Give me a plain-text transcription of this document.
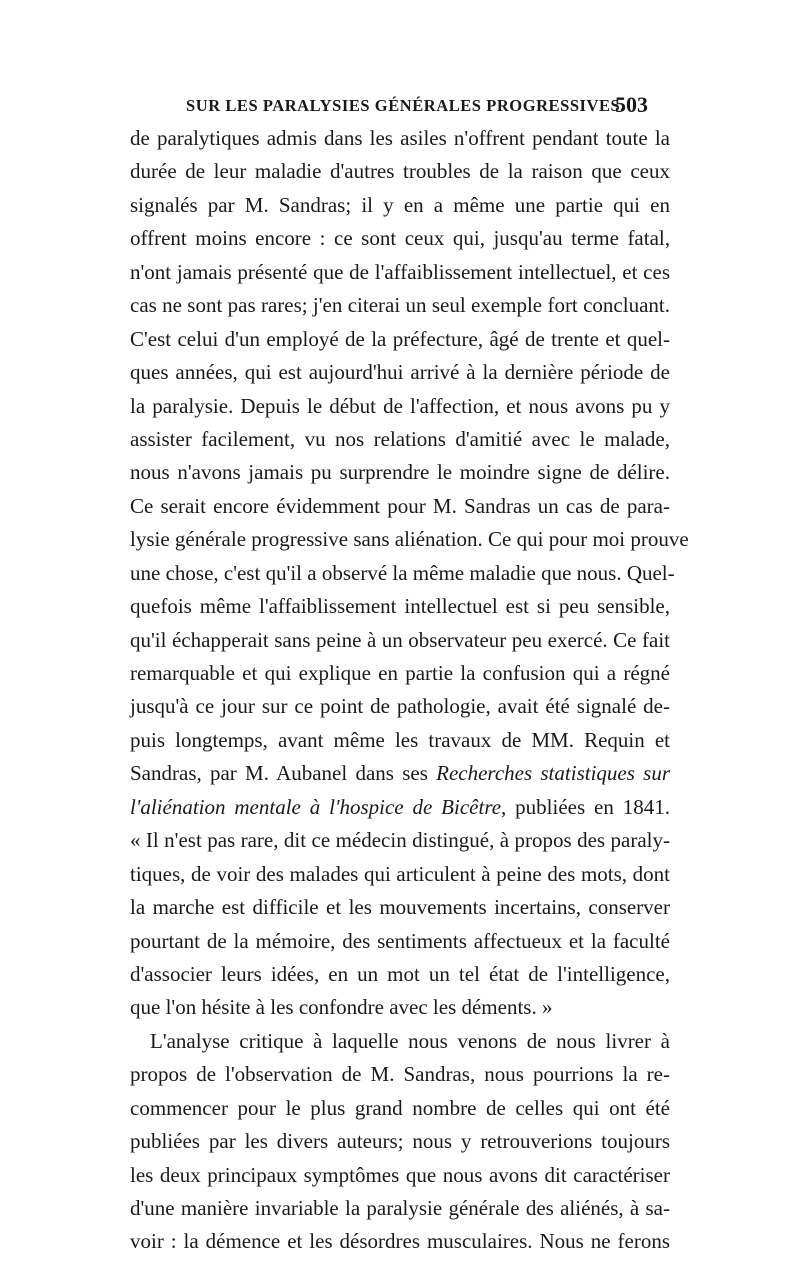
SUR LES PARALYSIES GÉNÉRALES PROGRESSIVES.
503
de paralytiques admis dans les asiles n'offrent pendant toute la
durée de leur maladie d'autres troubles de la raison que ceux
signalés par M. Sandras; il y en a même une partie qui en
offrent moins encore : ce sont ceux qui, jusqu'au terme fatal,
n'ont jamais présenté que de l'affaiblissement intellectuel, et ces
cas ne sont pas rares; j'en citerai un seul exemple fort concluant.
C'est celui d'un employé de la préfecture, âgé de trente et quel-
ques années, qui est aujourd'hui arrivé à la dernière période de
la paralysie. Depuis le début de l'affection, et nous avons pu y
assister facilement, vu nos relations d'amitié avec le malade,
nous n'avons jamais pu surprendre le moindre signe de délire.
Ce serait encore évidemment pour M. Sandras un cas de para-
lysie générale progressive sans aliénation. Ce qui pour moi prouve
une chose, c'est qu'il a observé la même maladie que nous. Quel-
quefois même l'affaiblissement intellectuel est si peu sensible,
qu'il échapperait sans peine à un observateur peu exercé. Ce fait
remarquable et qui explique en partie la confusion qui a régné
jusqu'à ce jour sur ce point de pathologie, avait été signalé de-
puis longtemps, avant même les travaux de MM. Requin et
Sandras, par M. Aubanel dans ses Recherches statistiques sur
l'aliénation mentale à l'hospice de Bicêtre, publiées en 1841.
« Il n'est pas rare, dit ce médecin distingué, à propos des paraly-
tiques, de voir des malades qui articulent à peine des mots, dont
la marche est difficile et les mouvements incertains, conserver
pourtant de la mémoire, des sentiments affectueux et la faculté
d'associer leurs idées, en un mot un tel état de l'intelligence,
que l'on hésite à les confondre avec les déments. »
L'analyse critique à laquelle nous venons de nous livrer à
propos de l'observation de M. Sandras, nous pourrions la re-
commencer pour le plus grand nombre de celles qui ont été
publiées par les divers auteurs; nous y retrouverions toujours
les deux principaux symptômes que nous avons dit caractériser
d'une manière invariable la paralysie générale des aliénés, à sa-
voir : la démence et les désordres musculaires. Nous ne ferons
